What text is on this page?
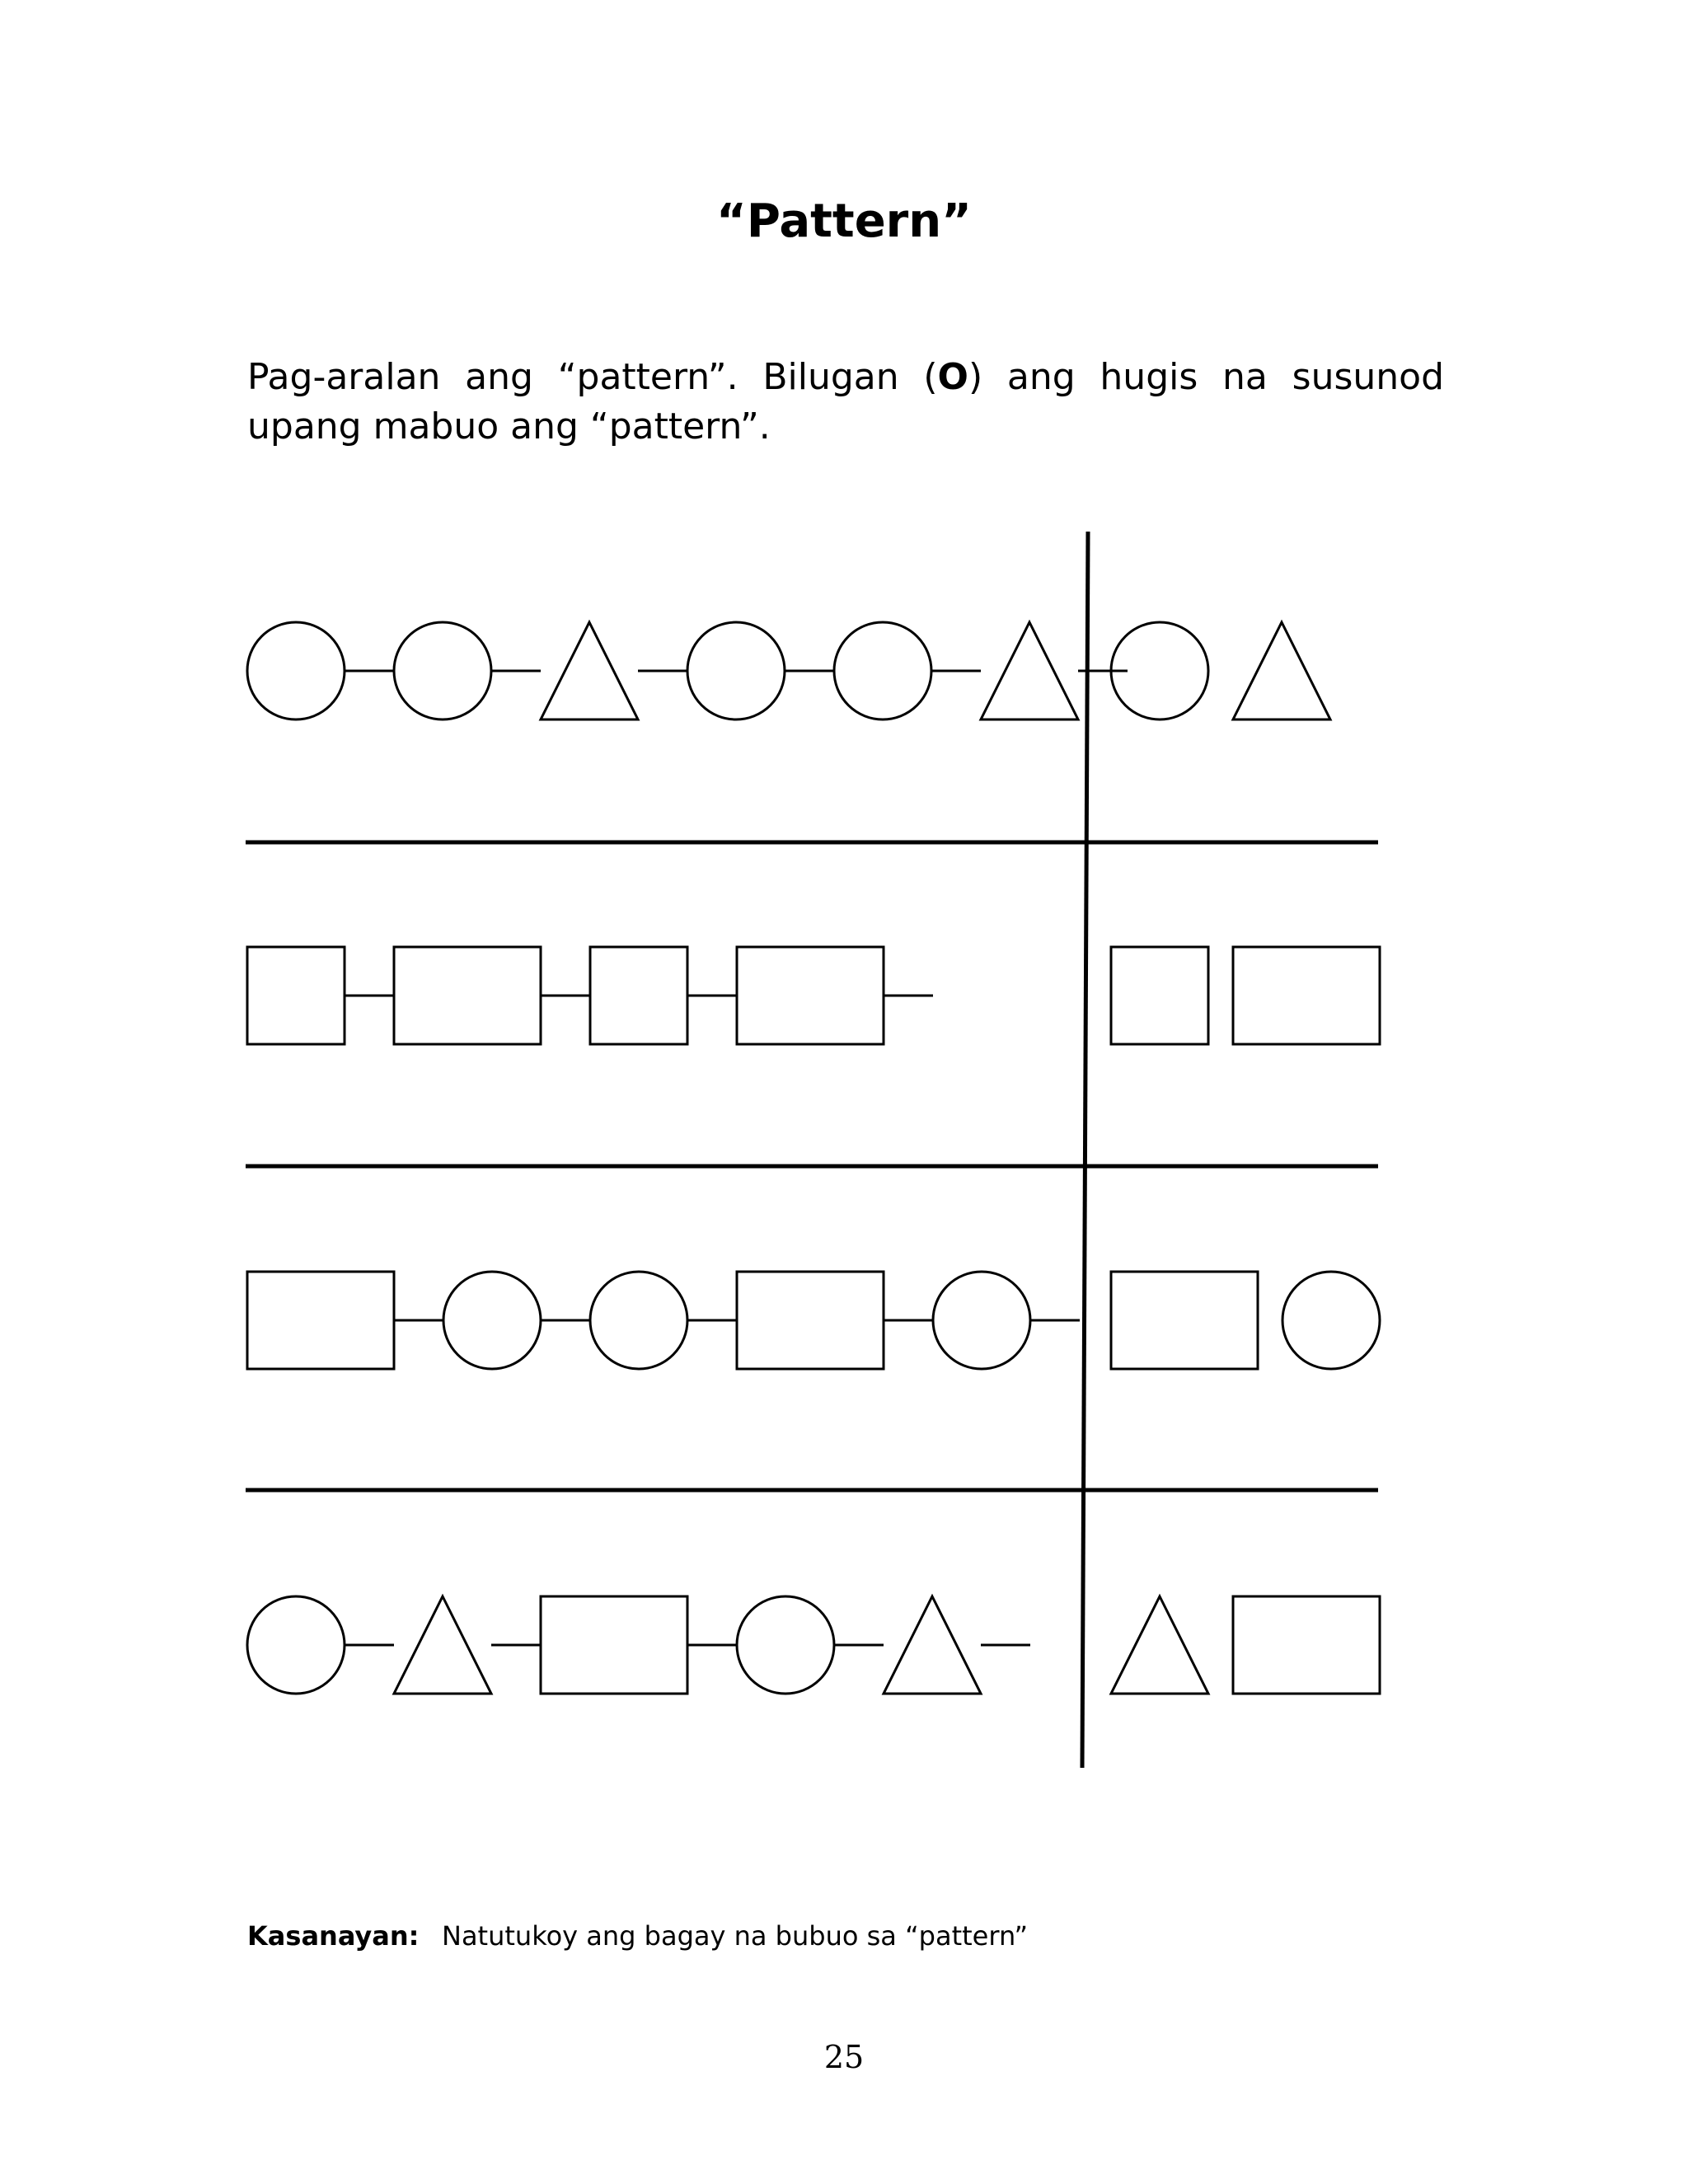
“Pattern”

Pag-aralan ang “pattern”. Bilugan (O) ang hugis na susunod upang mabuo ang “pattern”.

Kasanayan: Natutukoy ang bagay na bubuo sa “pattern”
25
